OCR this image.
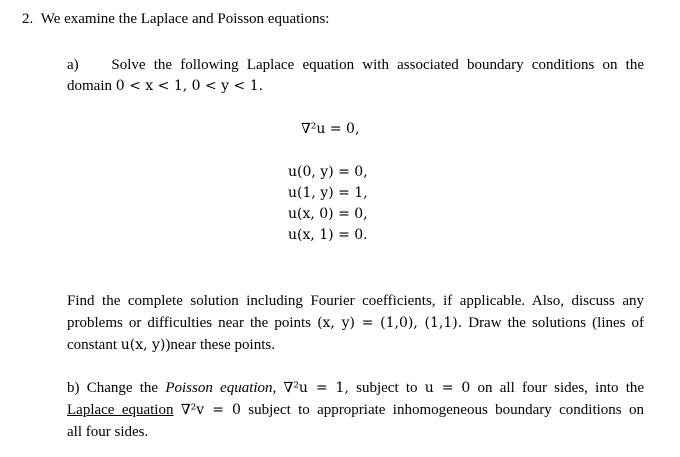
2. We examine the Laplace and Poisson equations:
a) Solve the following Laplace equation with associated boundary conditions on the
domain 0 < x < 1, 0 < y < 1.
∇²u = 0,
u(0, y) = 0,
u(1, y) = 1,
u(x, 0) = 0,
u(x, 1) = 0.
Find the complete solution including Fourier coefficients, if applicable. Also, discuss any
problems or difficulties near the points (x, y) = (1,0), (1,1). Draw the solutions (lines of
constant u(x, y))near these points.
b) Change the Poisson equation, ∇²u = 1, subject to u = 0 on all four sides, into the
Laplace equation ∇²v = 0 subject to appropriate inhomogeneous boundary conditions on
all four sides.
